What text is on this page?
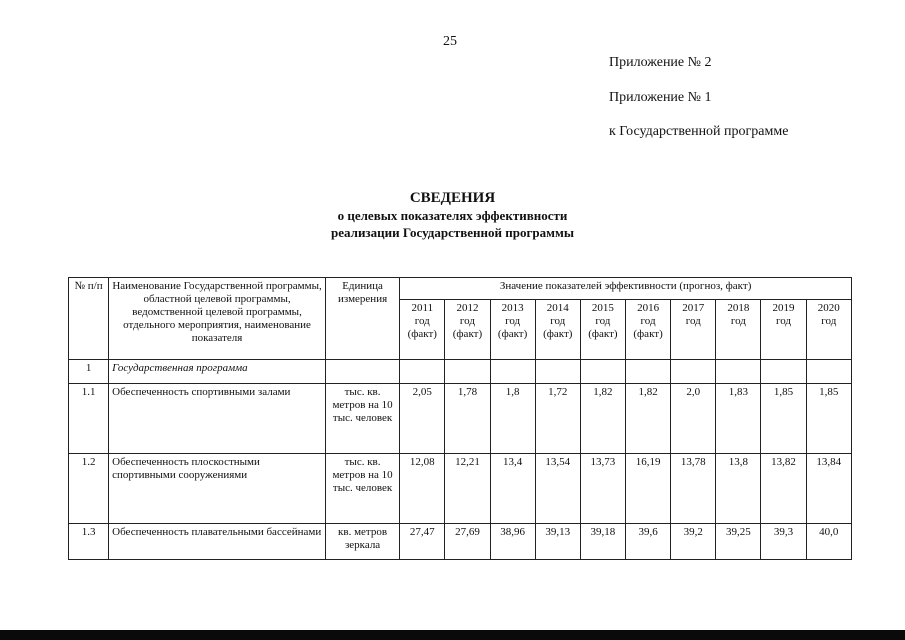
25
Приложение № 2
Приложение № 1
к Государственной программе
СВЕДЕНИЯ
о целевых показателях эффективности
реализации Государственной программы
№ п/п	Наименование Государственной программы, областной целевой программы, ведомственной целевой программы, отдельного мероприятия, наименование показателя	Единица измерения	Значение показателей эффективности (прогноз, факт)									
			2011
год
(факт)	2012
год
(факт)	2013
год
(факт)	2014
год
(факт)	2015
год
(факт)	2016
год
(факт)	2017
год	2018
год	2019
год	2020
год
1	Государственная программа											
1.1	Обеспеченность спортивными залами	тыс. кв. метров на 10 тыс. человек	2,05	1,78	1,8	1,72	1,82	1,82	2,0	1,83	1,85	1,85
1.2	Обеспеченность плоскостными спортивными сооружениями	тыс. кв. метров на 10 тыс. человек	12,08	12,21	13,4	13,54	13,73	16,19	13,78	13,8	13,82	13,84
1.3	Обеспеченность плавательными бассейнами	кв. метров зеркала	27,47	27,69	38,96	39,13	39,18	39,6	39,2	39,25	39,3	40,0
